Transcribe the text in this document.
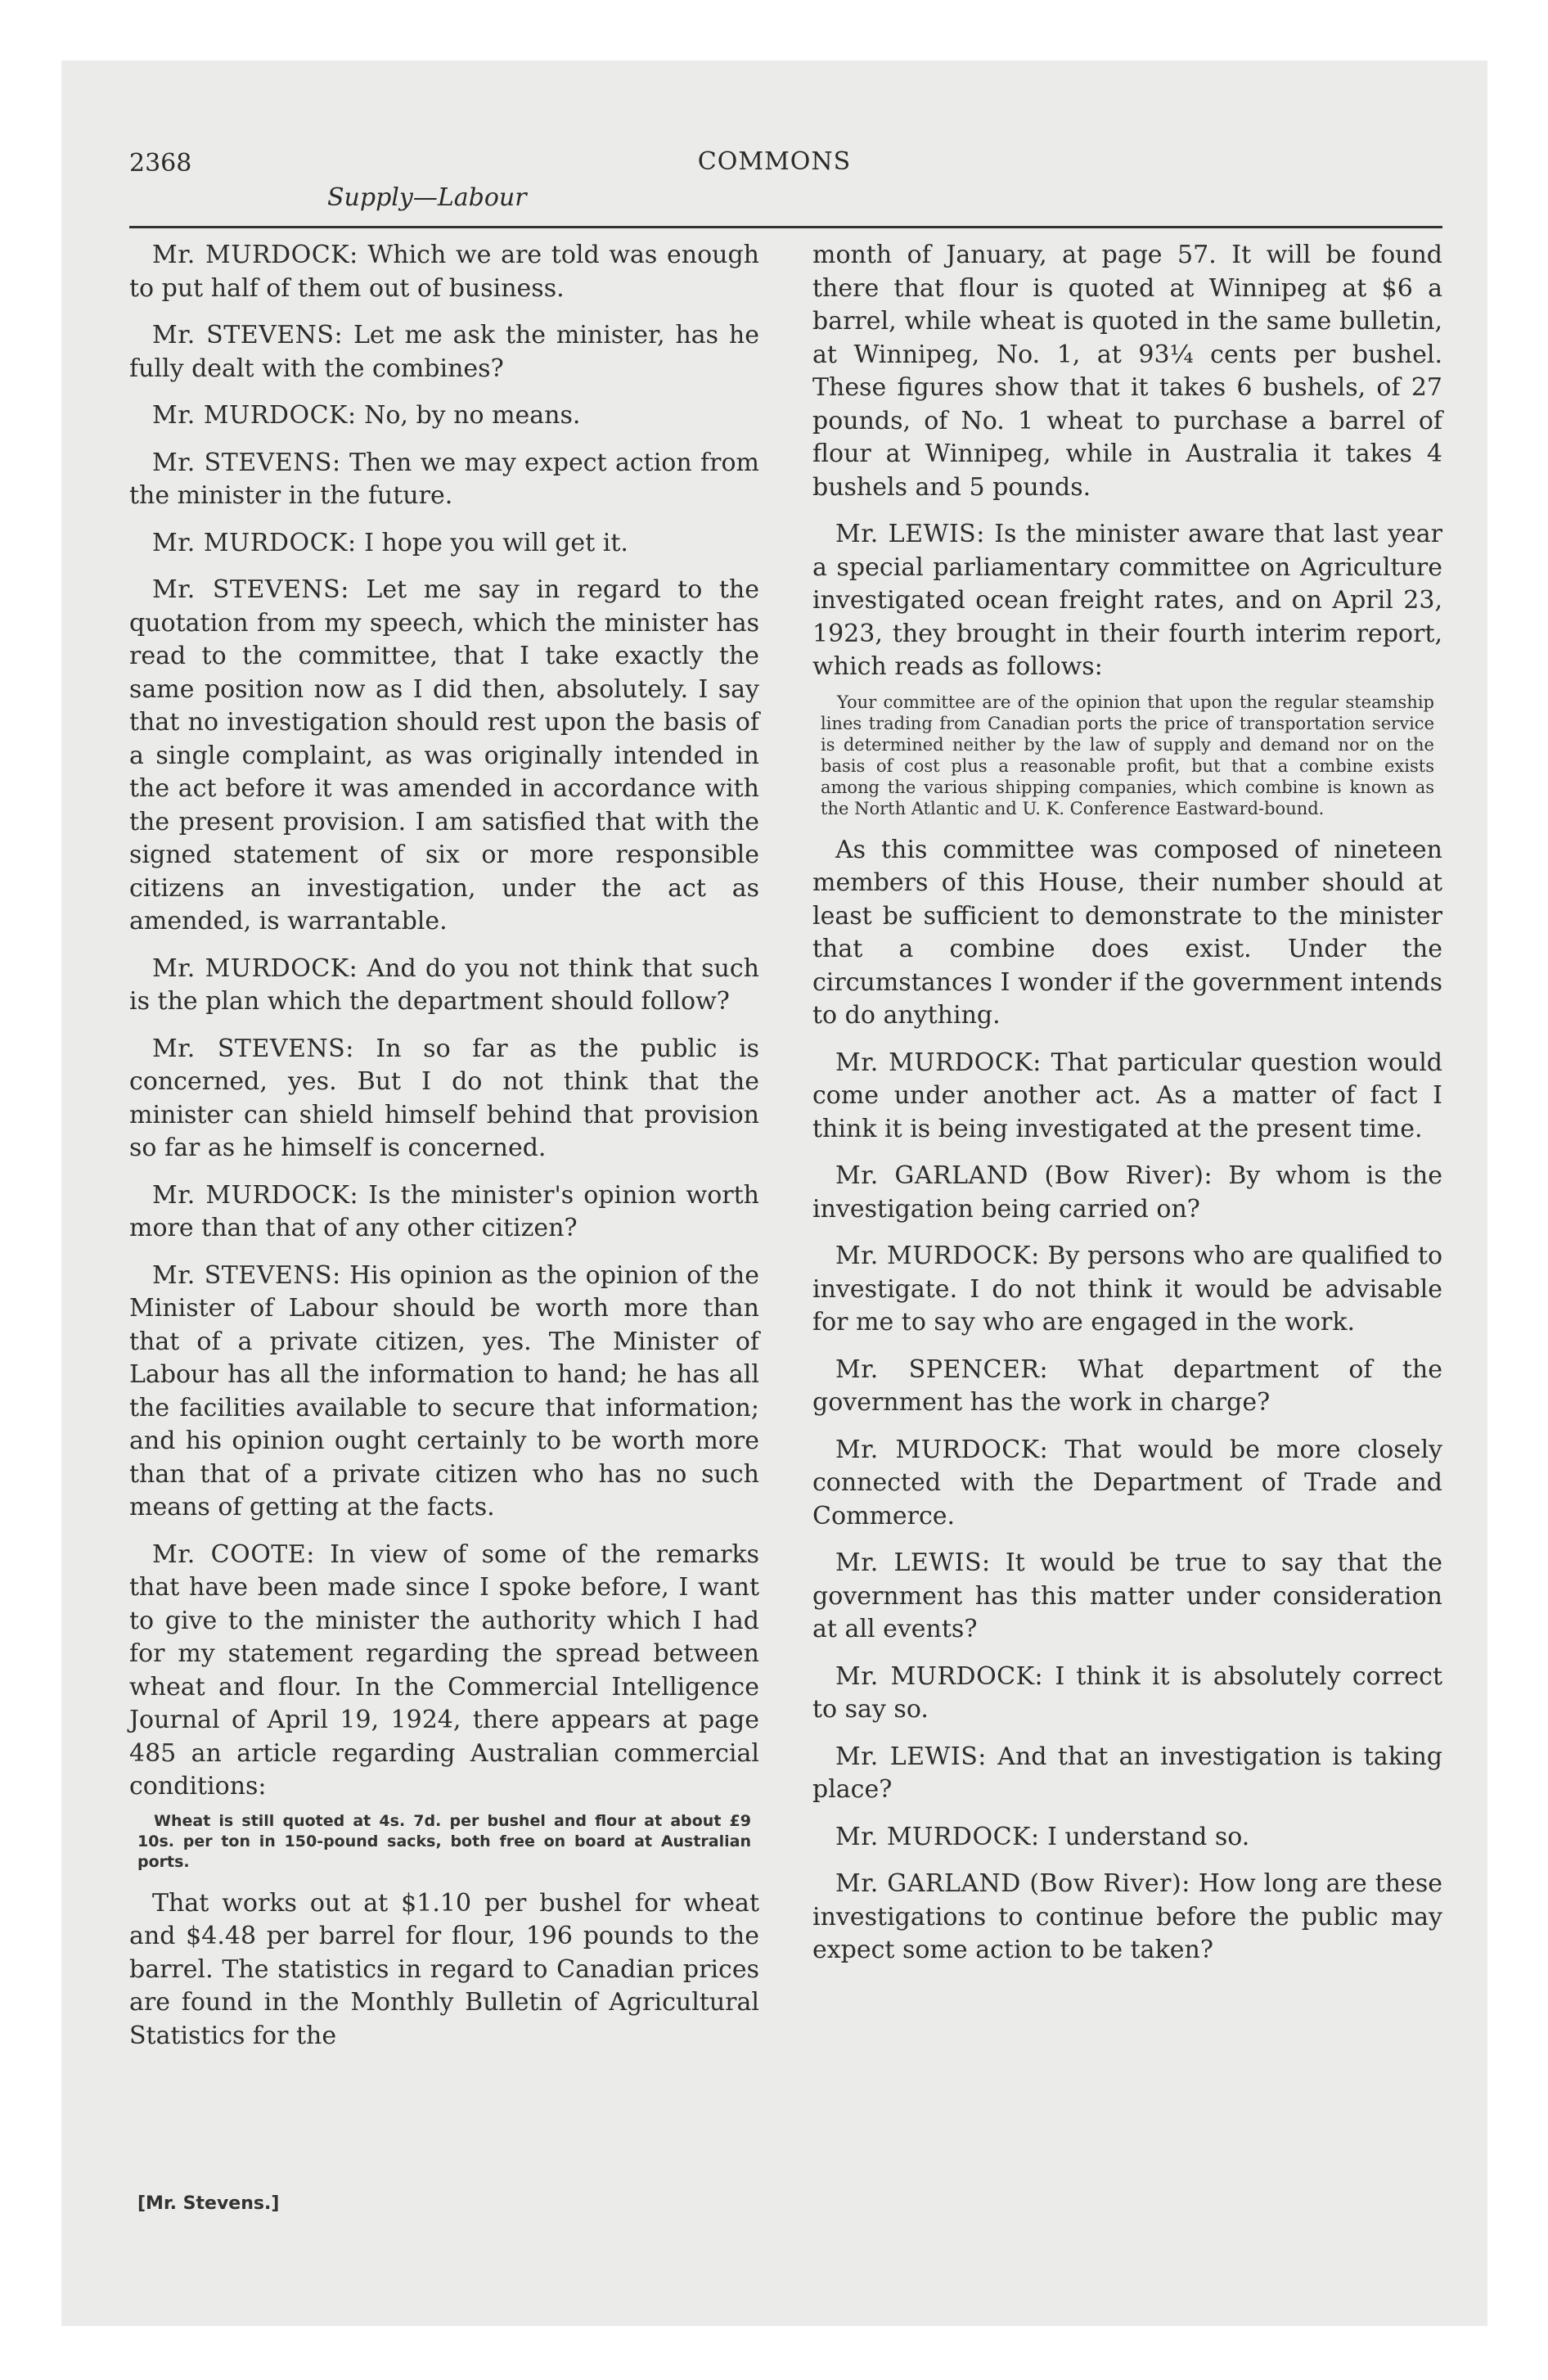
2368	COMMONS
Supply—Labour

Mr. MURDOCK: Which we are told was enough to put half of them out of business.

Mr. STEVENS: Let me ask the minister, has he fully dealt with the combines?

Mr. MURDOCK: No, by no means.

Mr. STEVENS: Then we may expect action from the minister in the future.

Mr. MURDOCK: I hope you will get it.

Mr. STEVENS: Let me say in regard to the quotation from my speech, which the minister has read to the committee, that I take exactly the same position now as I did then, absolutely. I say that no investigation should rest upon the basis of a single complaint, as was originally intended in the act before it was amended in accordance with the present provision. I am satisfied that with the signed statement of six or more responsible citizens an investigation, under the act as amended, is warrantable.

Mr. MURDOCK: And do you not think that such is the plan which the department should follow?

Mr. STEVENS: In so far as the public is concerned, yes. But I do not think that the minister can shield himself behind that provision so far as he himself is concerned.

Mr. MURDOCK: Is the minister's opinion worth more than that of any other citizen?

Mr. STEVENS: His opinion as the opinion of the Minister of Labour should be worth more than that of a private citizen, yes. The Minister of Labour has all the information to hand; he has all the facilities available to secure that information; and his opinion ought certainly to be worth more than that of a private citizen who has no such means of getting at the facts.

Mr. COOTE: In view of some of the remarks that have been made since I spoke before, I want to give to the minister the authority which I had for my statement regarding the spread between wheat and flour. In the Commercial Intelligence Journal of April 19, 1924, there appears at page 485 an article regarding Australian commercial conditions:

Wheat is still quoted at 4s. 7d. per bushel and flour at about £9 10s. per ton in 150-pound sacks, both free on board at Australian ports.

That works out at $1.10 per bushel for wheat and $4.48 per barrel for flour, 196 pounds to the barrel. The statistics in regard to Canadian prices are found in the Monthly Bulletin of Agricultural Statistics for the

[Mr. Stevens.]

month of January, at page 57. It will be found there that flour is quoted at Winnipeg at $6 a barrel, while wheat is quoted in the same bulletin, at Winnipeg, No. 1, at 93¼ cents per bushel. These figures show that it takes 6 bushels, of 27 pounds, of No. 1 wheat to purchase a barrel of flour at Winnipeg, while in Australia it takes 4 bushels and 5 pounds.

Mr. LEWIS: Is the minister aware that last year a special parliamentary committee on Agriculture investigated ocean freight rates, and on April 23, 1923, they brought in their fourth interim report, which reads as follows:

Your committee are of the opinion that upon the regular steamship lines trading from Canadian ports the price of transportation service is determined neither by the law of supply and demand nor on the basis of cost plus a reasonable profit, but that a combine exists among the various shipping companies, which combine is known as the North Atlantic and U. K. Conference Eastward-bound.

As this committee was composed of nineteen members of this House, their number should at least be sufficient to demonstrate to the minister that a combine does exist. Under the circumstances I wonder if the government intends to do anything.

Mr. MURDOCK: That particular question would come under another act. As a matter of fact I think it is being investigated at the present time.

Mr. GARLAND (Bow River): By whom is the investigation being carried on?

Mr. MURDOCK: By persons who are qualified to investigate. I do not think it would be advisable for me to say who are engaged in the work.

Mr. SPENCER: What department of the government has the work in charge?

Mr. MURDOCK: That would be more closely connected with the Department of Trade and Commerce.

Mr. LEWIS: It would be true to say that the government has this matter under consideration at all events?

Mr. MURDOCK: I think it is absolutely correct to say so.

Mr. LEWIS: And that an investigation is taking place?

Mr. MURDOCK: I understand so.

Mr. GARLAND (Bow River): How long are these investigations to continue before the public may expect some action to be taken?
